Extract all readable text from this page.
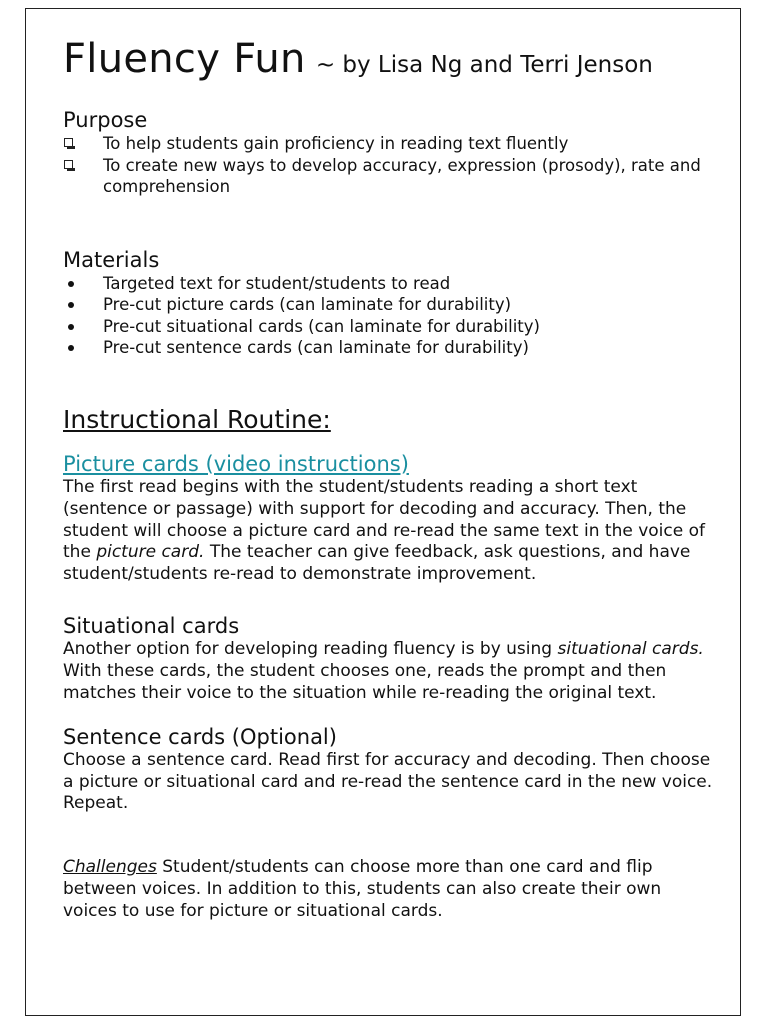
Fluency Fun ~ by Lisa Ng and Terri Jenson
Purpose
To help students gain proficiency in reading text fluently
To create new ways to develop accuracy, expression (prosody), rate and comprehension
Materials
Targeted text for student/students to read
Pre-cut picture cards (can laminate for durability)
Pre-cut situational cards (can laminate for durability)
Pre-cut sentence cards (can laminate for durability)
Instructional Routine:
Picture cards (video instructions)

The first read begins with the student/students reading a short text (sentence or passage) with support for decoding and accuracy. Then, the student will choose a picture card and re-read the same text in the voice of the picture card. The teacher can give feedback, ask questions, and have student/students re-read to demonstrate improvement.

Situational cards

Another option for developing reading fluency is by using situational cards. With these cards, the student chooses one, reads the prompt and then matches their voice to the situation while re-reading the original text.

Sentence cards (Optional)

Choose a sentence card. Read first for accuracy and decoding. Then choose a picture or situational card and re-read the sentence card in the new voice. Repeat.

Challenges Student/students can choose more than one card and flip between voices. In addition to this, students can also create their own voices to use for picture or situational cards.
